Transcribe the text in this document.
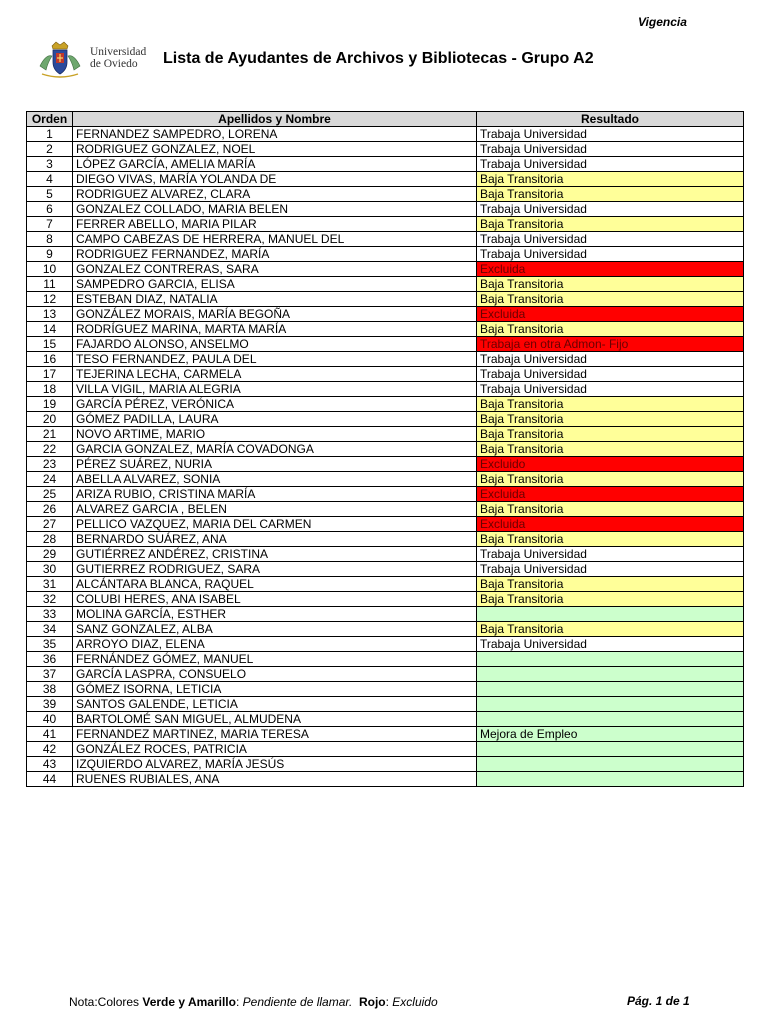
Vigencia
Universidad
de Oviedo	Lista de Ayudantes de Archivos y Bibliotecas - Grupo A2
Orden	Apellidos y Nombre	Resultado
1	FERNANDEZ SAMPEDRO, LORENA	Trabaja Universidad
2	RODRIGUEZ GONZALEZ, NOEL	Trabaja Universidad
3	LÓPEZ GARCÍA, AMELIA MARÍA	Trabaja Universidad
4	DIEGO VIVAS, MARÍA YOLANDA DE	Baja Transitoria
5	RODRIGUEZ ALVAREZ, CLARA	Baja Transitoria
6	GONZALEZ COLLADO, MARIA BELEN	Trabaja Universidad
7	FERRER ABELLO, MARIA PILAR	Baja Transitoria
8	CAMPO CABEZAS DE HERRERA, MANUEL DEL	Trabaja Universidad
9	RODRIGUEZ FERNANDEZ, MARÍA	Trabaja Universidad
10	GONZALEZ CONTRERAS, SARA	Excluida
11	SAMPEDRO GARCIA, ELISA	Baja Transitoria
12	ESTEBAN DIAZ, NATALIA	Baja Transitoria
13	GONZÁLEZ MORAIS, MARÍA BEGOÑA	Excluida
14	RODRÍGUEZ MARINA, MARTA MARÍA	Baja Transitoria
15	FAJARDO ALONSO, ANSELMO	Trabaja en otra Admon- Fijo
16	TESO FERNANDEZ, PAULA DEL	Trabaja Universidad
17	TEJERINA LECHA, CARMELA	Trabaja Universidad
18	VILLA VIGIL, MARIA ALEGRIA	Trabaja Universidad
19	GARCÍA PÉREZ, VERÓNICA	Baja Transitoria
20	GÓMEZ PADILLA, LAURA	Baja Transitoria
21	NOVO ARTIME, MARIO	Baja Transitoria
22	GARCIA GONZALEZ, MARÍA COVADONGA	Baja Transitoria
23	PÉREZ SUÁREZ, NURIA	Excluido
24	ABELLA ALVAREZ, SONIA	Baja Transitoria
25	ARIZA RUBIO, CRISTINA MARÍA	Excluida
26	ALVAREZ GARCIA , BELEN	Baja Transitoria
27	PELLICO VAZQUEZ, MARIA DEL CARMEN	Excluida
28	BERNARDO SUÁREZ, ANA	Baja Transitoria
29	GUTIÉRREZ ANDÉREZ, CRISTINA	Trabaja Universidad
30	GUTIERREZ RODRIGUEZ, SARA	Trabaja Universidad
31	ALCÁNTARA BLANCA, RAQUEL	Baja Transitoria
32	COLUBI HERES, ANA ISABEL	Baja Transitoria
33	MOLINA GARCÍA, ESTHER	
34	SANZ GONZALEZ, ALBA	Baja Transitoria
35	ARROYO DIAZ, ELENA	Trabaja Universidad
36	FERNÁNDEZ GÓMEZ, MANUEL	
37	GARCÍA LASPRA, CONSUELO	
38	GÓMEZ ISORNA, LETICIA	
39	SANTOS GALENDE, LETICIA	
40	BARTOLOMÉ SAN MIGUEL, ALMUDENA	
41	FERNANDEZ MARTINEZ, MARIA TERESA	Mejora de Empleo
42	GONZÁLEZ ROCES, PATRICIA	
43	IZQUIERDO ALVAREZ, MARÍA JESÚS	
44	RUENES RUBIALES, ANA	
Nota:Colores Verde y Amarillo: Pendiente de llamar. Rojo: Excluido	Pág. 1 de 1
